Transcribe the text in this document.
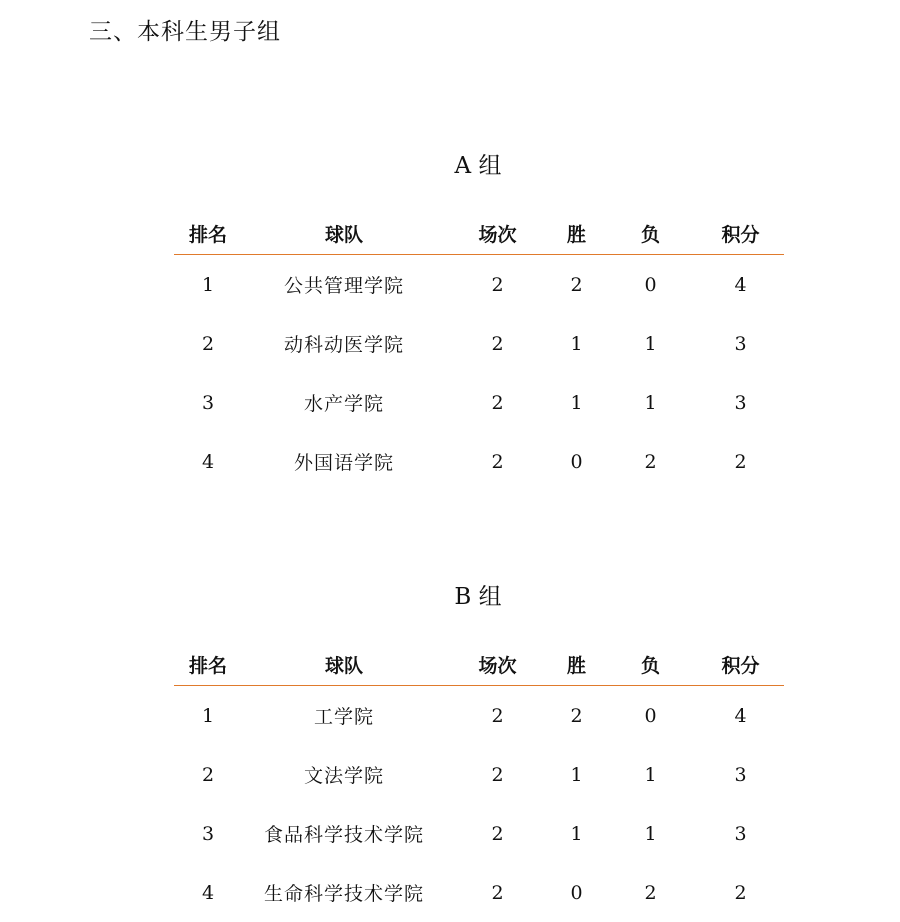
三、本科生男子组
A 组
排名	球队	场次	胜	负	积分
1	公共管理学院	2	2	0	4
2	动科动医学院	2	1	1	3
3	水产学院	2	1	1	3
4	外国语学院	2	0	2	2
B 组
排名	球队	场次	胜	负	积分
1	工学院	2	2	0	4
2	文法学院	2	1	1	3
3	食品科学技术学院	2	1	1	3
4	生命科学技术学院	2	0	2	2
